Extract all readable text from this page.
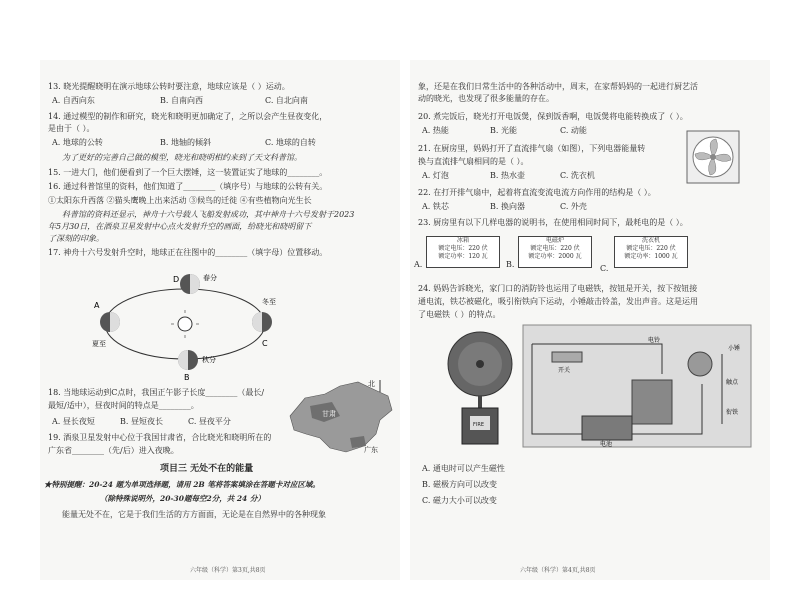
13. 晓光提醒晓明在演示地球公转时要注意，地球应该是（ ）运动。
A. 自西向东	B. 自南向西	C. 自北向南
14. 通过模型的制作和研究，晓光和晓明更加确定了，之所以会产生昼夜变化，
是由于（ ）。
A. 地球的公转	B. 地轴的倾斜	C. 地球的自转
为了更好的完善自己做的模型，晓光和晓明相约来到了天文科普馆。
15. 一进大门，他们便看到了一个巨大摆锤，这一装置证实了地球的________。
16. 通过科普馆里的资料，他们知道了________（填序号）与地球的公转有关。
①太阳东升西落 ②猫头鹰晚上出来活动 ③候鸟的迁徙 ④有些植物向光生长
科普馆的资料还显示，神舟十六号载人飞船发射成功，其中神舟十六号发射于2023
年5月30日，在酒泉卫星发射中心点火发射升空的画面，给晓光和晓明留下
了深刻的印象。
17. 神舟十六号发射升空时，地球正在往图中的________（填字母）位置移动。
D	春分
夏至
冬至
C
A
秋分
B
18. 当地球运动到C点时，我国正午影子长度________（最长/
最短/适中），昼夜时间的特点是________。
A. 昼长夜短	B. 昼短夜长	C. 昼夜平分
19. 酒泉卫星发射中心位于我国甘肃省，合比晓光和晓明所在的
广东省________（先/后）进入夜晚。
甘肃
广东
北
项目三 无处不在的能量
★特别提醒：20-24 题为单项选择题，请用 2B 笔将答案填涂在答题卡对应区域。
（除特殊说明外，20-30题每空2分，共 24 分）
能量无处不在，它是于我们生活的方方面面，无论是在自然界中的各种现象
六年级（科学）第3页,共8页
象，还是在我们日常生活中的各种活动中，周末，在家帮妈妈的一起进行厨艺活
动的晓光，也发现了很多能量的存在。
20. 煮完饭后，晓光打开电饭煲，保到饭香啊，电饭煲将电能转换成了（ ）。
A. 热能	B. 光能	C. 动能
21. 在厨房里，妈妈打开了直流排气扇（如图），下列电器能量转
换与直流排气扇相同的是（ ）。
A. 灯泡	B. 热水壶	C. 洗衣机
22. 在打开排气扇中，起着将直流变流电流方向作用的结构是（ ）。
A. 铁芯	B. 换向器	C. 外壳
23. 厨房里有以下几样电器的说明书，在使用相同时间下，最耗电的是（ ）。
冰箱
额定电压：220 伏
额定功率：120 瓦
A.
电磁炉
额定电压：220 伏
额定功率：2000 瓦
B.
洗衣机
额定电压：220 伏
额定功率：1000 瓦
C.
24. 妈妈告诉晓光，家门口的消防铃也运用了电磁铁，按钮是开关，按下按钮接
通电流，铁芯被磁化，吸引衔铁向下运动，小锤敲击铃盖，发出声音。这是运用
了电磁铁（ ）的特点。
FIRE
电铃
小锤
开关
触点
衔铁
电池
A. 通电时可以产生磁性
B. 磁极方向可以改变
C. 磁力大小可以改变
六年级（科学）第4页,共8页
